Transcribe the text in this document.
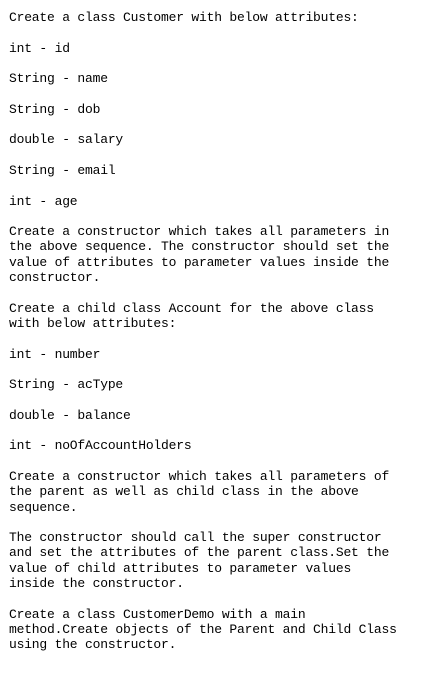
Create a class Customer with below attributes:
int - id
String - name
String - dob
double - salary
String - email
int - age
Create a constructor which takes all parameters in
the above sequence. The constructor should set the
value of attributes to parameter values inside the
constructor.
Create a child class Account for the above class
with below attributes:
int - number
String - acType
double - balance
int - noOfAccountHolders
Create a constructor which takes all parameters of
the parent as well as child class in the above
sequence.
The constructor should call the super constructor
and set the attributes of the parent class.Set the
value of child attributes to parameter values
inside the constructor.
Create a class CustomerDemo with a main
method.Create objects of the Parent and Child Class
using the constructor.
